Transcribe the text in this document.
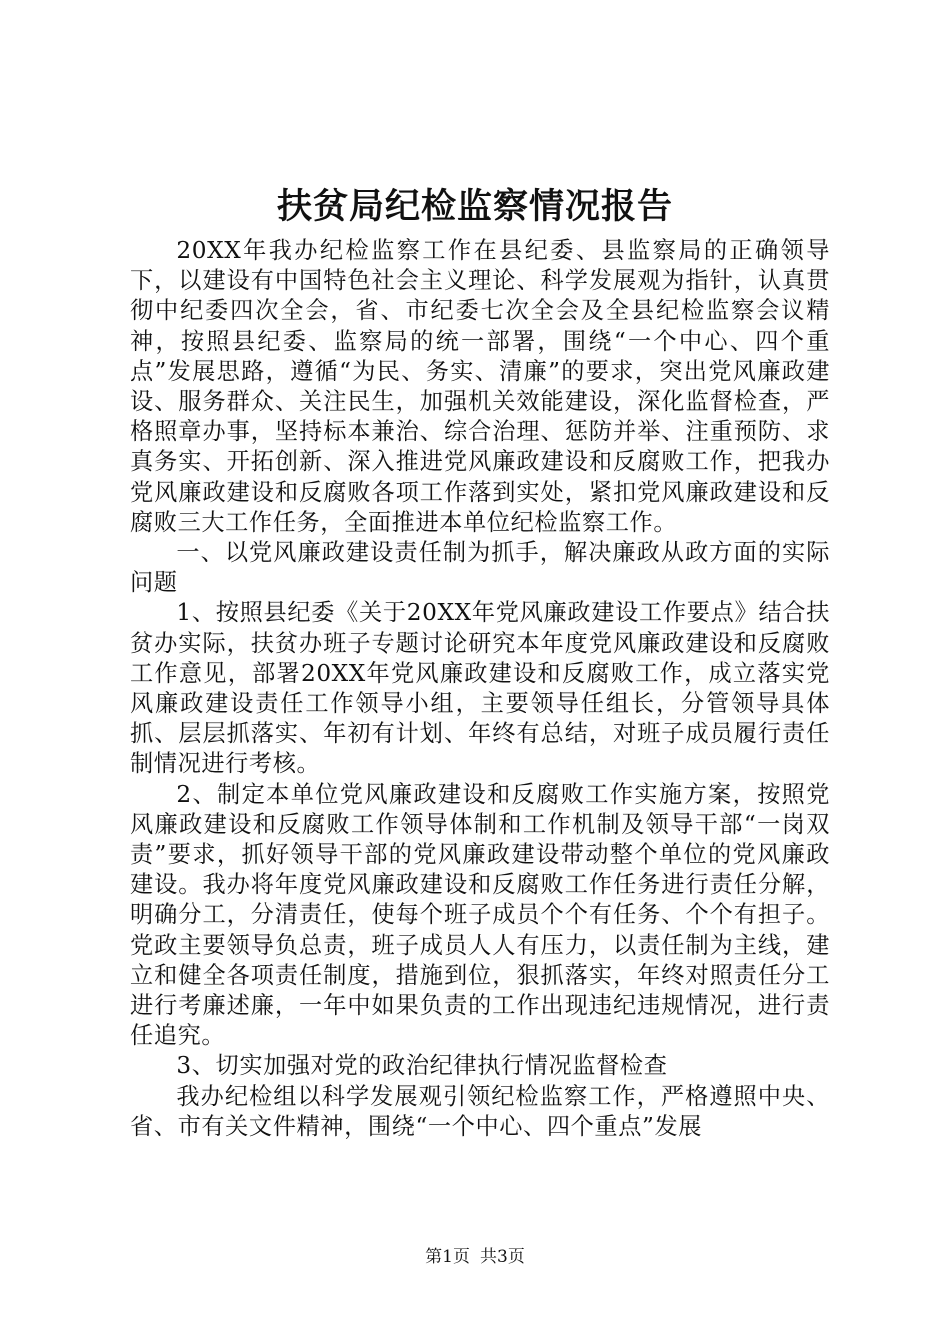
扶贫局纪检监察情况报告

20XX年我办纪检监察工作在县纪委、县监察局的正确领导下，以建设有中国特色社会主义理论、科学发展观为指针，认真贯彻中纪委四次全会，省、市纪委七次全会及全县纪检监察会议精神，按照县纪委、监察局的统一部署，围绕“一个中心、四个重点”发展思路，遵循“为民、务实、清廉”的要求，突出党风廉政建设、服务群众、关注民生，加强机关效能建设，深化监督检查，严格照章办事，坚持标本兼治、综合治理、惩防并举、注重预防、求真务实、开拓创新、深入推进党风廉政建设和反腐败工作，把我办党风廉政建设和反腐败各项工作落到实处，紧扣党风廉政建设和反腐败三大工作任务，全面推进本单位纪检监察工作。

一、以党风廉政建设责任制为抓手，解决廉政从政方面的实际问题

1、按照县纪委《关于20XX年党风廉政建设工作要点》结合扶贫办实际，扶贫办班子专题讨论研究本年度党风廉政建设和反腐败工作意见，部署20XX年党风廉政建设和反腐败工作，成立落实党风廉政建设责任工作领导小组，主要领导任组长，分管领导具体抓、层层抓落实、年初有计划、年终有总结，对班子成员履行责任制情况进行考核。

2、制定本单位党风廉政建设和反腐败工作实施方案，按照党风廉政建设和反腐败工作领导体制和工作机制及领导干部“一岗双责”要求，抓好领导干部的党风廉政建设带动整个单位的党风廉政建设。我办将年度党风廉政建设和反腐败工作任务进行责任分解，明确分工，分清责任，使每个班子成员个个有任务、个个有担子。党政主要领导负总责，班子成员人人有压力，以责任制为主线，建立和健全各项责任制度，措施到位，狠抓落实，年终对照责任分工进行考廉述廉，一年中如果负责的工作出现违纪违规情况，进行责任追究。

3、切实加强对党的政治纪律执行情况监督检查

我办纪检组以科学发展观引领纪检监察工作，严格遵照中央、省、市有关文件精神，围绕“一个中心、四个重点”发展

第1页 共3页
